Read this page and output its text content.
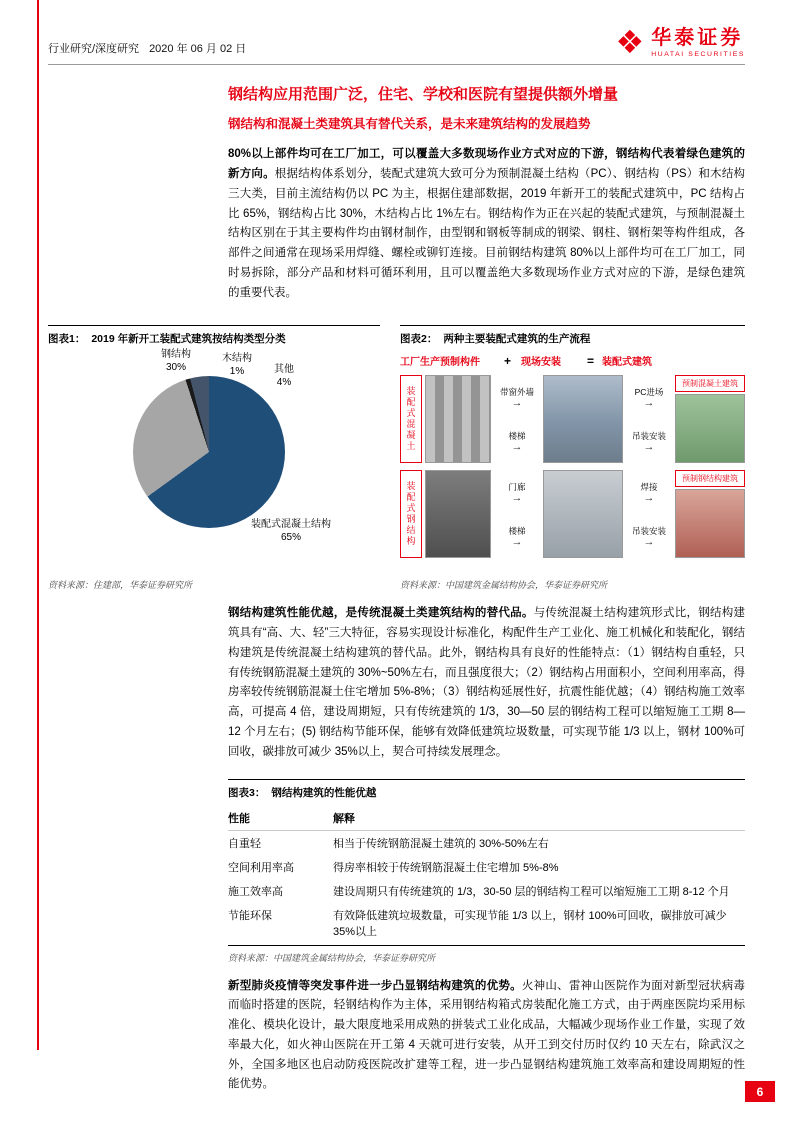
行业研究/深度研究 2020 年 06 月 02 日	❖ 华泰证券
HUATAI SECURITIES
钢结构应用范围广泛，住宅、学校和医院有望提供额外增量
钢结构和混凝土类建筑具有替代关系，是未来建筑结构的发展趋势

80%以上部件均可在工厂加工，可以覆盖大多数现场作业方式对应的下游，钢结构代表着绿色建筑的新方向。根据结构体系划分，装配式建筑大致可分为预制混凝土结构（PC）、钢结构（PS）和木结构三大类，目前主流结构仍以 PC 为主，根据住建部数据，2019 年新开工的装配式建筑中，PC 结构占比 65%，钢结构占比 30%，木结构占比 1%左右。钢结构作为正在兴起的装配式建筑，与预制混凝土结构区别在于其主要构件均由钢材制作，由型钢和钢板等制成的钢梁、钢柱、钢桁架等构件组成，各部件之间通常在现场采用焊缝、螺栓或铆钉连接。目前钢结构建筑 80%以上部件均可在工厂加工，同时易拆除，部分产品和材料可循环利用，且可以覆盖绝大多数现场作业方式对应的下游，是绿色建筑的重要代表。

图表1： 2019 年新开工装配式建筑按结构类型分类
钢结构
30%
木结构
1%	其他
4%
装配式混凝土结构
65%
资料来源：住建部，华泰证券研究所
图表2： 两种主要装配式建筑的生产流程
工厂生产预制构件 + 现场安装 = 装配式建筑
装配式混凝土	带窗外墙
→
楼梯
→
PC进场
→
吊装安装
→
预制混凝土建筑
装配式钢结构	门廊
→
楼梯
→
焊接
→
吊装安装
→
预制钢结构建筑
资料来源：中国建筑金属结构协会，华泰证券研究所

钢结构建筑性能优越，是传统混凝土类建筑结构的替代品。与传统混凝土结构建筑形式比，钢结构建筑具有“高、大、轻”三大特征，容易实现设计标准化，构配件生产工业化、施工机械化和装配化，钢结构建筑是传统混凝土结构建筑的替代品。此外，钢结构具有良好的性能特点：（1）钢结构自重轻，只有传统钢筋混凝土建筑的 30%~50%左右，而且强度很大；（2）钢结构占用面积小，空间利用率高，得房率较传统钢筋混凝土住宅增加 5%-8%；（3）钢结构延展性好，抗震性能优越；（4）钢结构施工效率高，可提高 4 倍，建设周期短，只有传统建筑的 1/3，30—50 层的钢结构工程可以缩短施工工期 8—12 个月左右；(5) 钢结构节能环保，能够有效降低建筑垃圾数量，可实现节能 1/3 以上，钢材 100%可回收，碳排放可减少 35%以上，契合可持续发展理念。

图表3： 钢结构建筑的性能优越
性能	解释
自重轻	相当于传统钢筋混凝土建筑的 30%-50%左右
空间利用率高	得房率相较于传统钢筋混凝土住宅增加 5%-8%
施工效率高	建设周期只有传统建筑的 1/3，30-50 层的钢结构工程可以缩短施工工期 8-12 个月
节能环保	有效降低建筑垃圾数量，可实现节能 1/3 以上，钢材 100%可回收，碳排放可减少 35%以上
资料来源：中国建筑金属结构协会，华泰证券研究所

新型肺炎疫情等突发事件进一步凸显钢结构建筑的优势。火神山、雷神山医院作为面对新型冠状病毒而临时搭建的医院，轻钢结构作为主体，采用钢结构箱式房装配化施工方式，由于两座医院均采用标准化、模块化设计，最大限度地采用成熟的拼装式工业化成品，大幅减少现场作业工作量，实现了效率最大化，如火神山医院在开工第 4 天就可进行安装，从开工到交付历时仅约 10 天左右，除武汉之外，全国多地区也启动防疫医院改扩建等工程，进一步凸显钢结构建筑施工效率高和建设周期短的性能优势。

6
